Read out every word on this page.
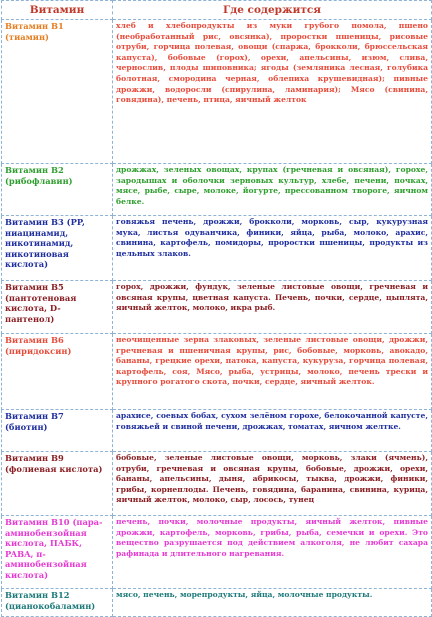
Витамин	Где содержится
Витамин B1 (тиамин)	хлеб и хлебопродукты из муки грубого помола, пшено (необработанный рис, овсянка), проростки пшеницы, рисовые отруби, горчица полевая, овощи (спаржа, брокколи, брюссельская капуста), бобовые (горох), орехи, апельсины, изюм, слива, чернослив, плоды шиповника; ягоды (земляника лесная, голубика болотная, смородина черная, облепиха крушевидная); пивные дрожжи, водоросли (спирулина, ламинария); Мясо (свинина, говядина), печень, птица, яичный желток
Витамин B2 (рибофлавин)	дрожжах, зеленых овощах, крупах (гречневая и овсяная), горохе, зародышах и оболочки зерновых культур, хлебе, печени, почках, мясе, рыбе, сыре, молоке, йогурте, прессованном твороге, яичном белке.
Витамин B3 (PP, ниацинамид, никотинамид, никотиновая кислота)	говяжья печень, дрожжи, брокколи, морковь, сыр, кукурузная мука, листья одуванчика, финики, яйца, рыба, молоко, арахис, свинина, картофель, помидоры, проростки пшеницы, продукты из цельных злаков.
Витамин B5 (пантотеновая кислота, D-пантенол)	горох, дрожжи, фундук, зеленые листовые овощи, гречневая и овсяная крупы, цветная капуста. Печень, почки, сердце, цыплята, яичный желток, молоко, икра рыб.
Витамин B6 (пиридоксин)	неочищенные зерна злаковых, зеленые листовые овощи, дрожжи, гречневая и пшеничная крупы, рис, бобовые, морковь, авокадо, бананы, грецкие орехи, патока, капуста, кукуруза, горчица полевая, картофель, соя, Мясо, рыба, устрицы, молоко, печень трески и крупного рогатого скота, почки, сердце, яичный желток.
Витамин B7 (биотин)	арахисе, соевых бобах, сухом зелёном горохе, белокочанной капусте, говяжьей и свиной печени, дрожжах, томатах, яичном желтке.
Витамин B9 (фолиевая кислота)	бобовые, зеленые листовые овощи, морковь, злаки (ячмень), отруби, гречневая и овсяная крупы, бобовые, дрожжи, орехи, бананы, апельсины, дыня, абрикосы, тыква, дрожжи, финики, грибы, корнеплоды. Печень, говядина, баранина, свинина, курица, яичный желток, молоко, сыр, лосось, тунец
Витамин B10 (пара-аминобензойная кислота, ПАБК, PABA, п-аминобензойная кислота)	печень, почки, молочные продукты, яичный желток, пивные дрожжи, картофель, морковь, грибы, рыба, семечки и орехи. Это вещество разрушается под действием алкоголя, не любит сахара рафинада и длительного нагревания.
Витамин B12 (цианокобаламин)	мясо, печень, морепродукты, яйца, молочные продукты.
